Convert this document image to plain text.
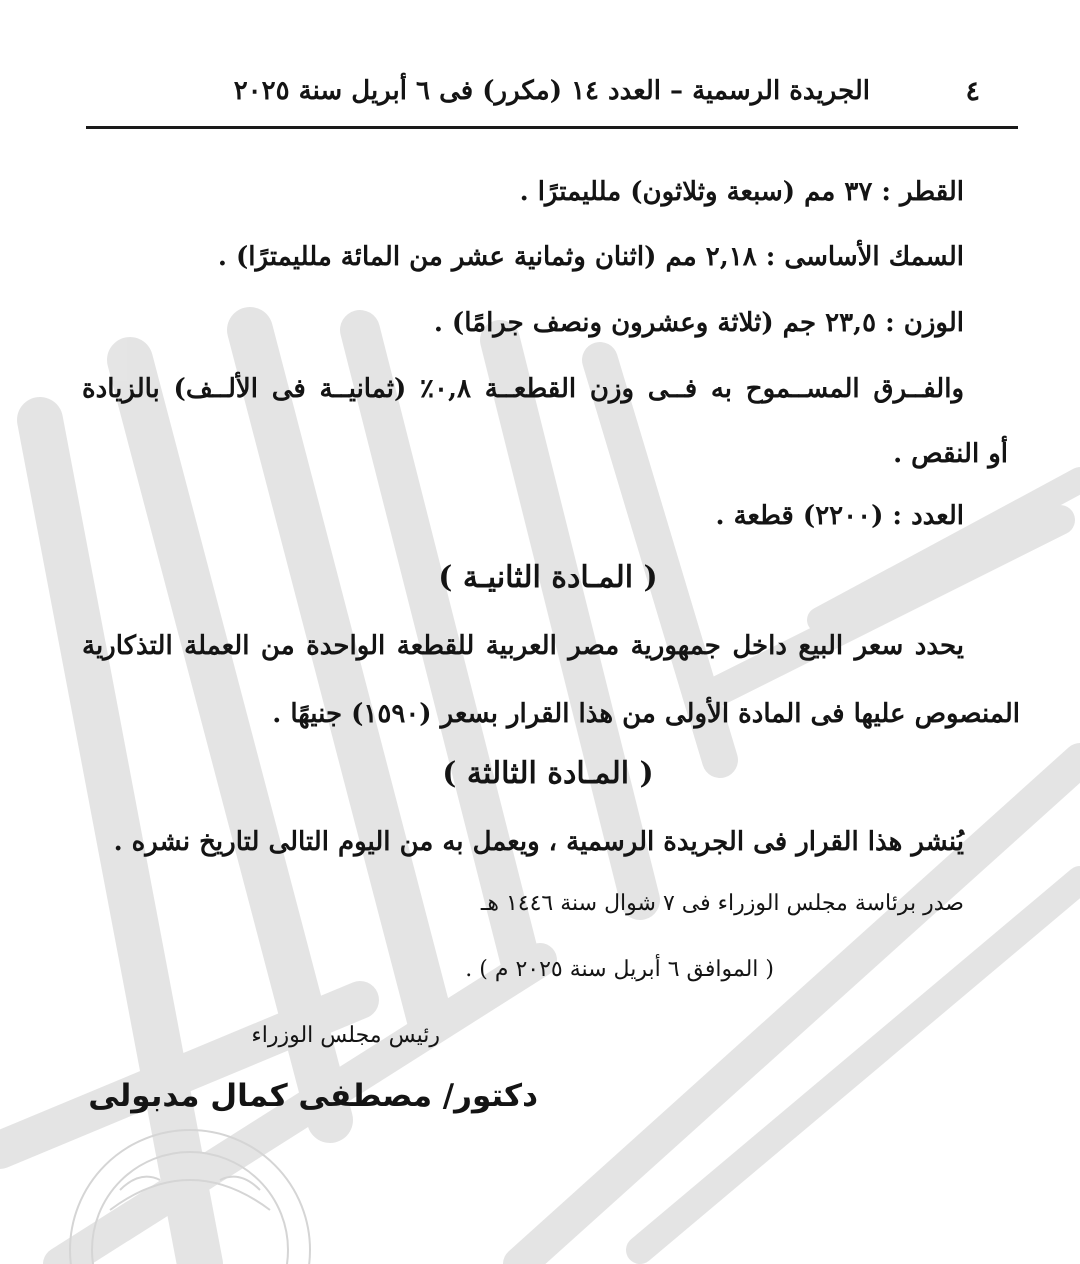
٤
الجريدة الرسمية – العدد ١٤ (مكرر) فى ٦ أبريل سنة ٢٠٢٥
القطر : ٣٧ مم (سبعة وثلاثون) ملليمترًا .
السمك الأساسى : ٢,١٨ مم (اثنان وثمانية عشر من المائة ملليمترًا) .
الوزن : ٢٣,٥ جم (ثلاثة وعشرون ونصف جرامًا) .
والفــرق المســموح به فــى وزن القطعــة ٠,٨٪ (ثمانيــة فى الألــف) بالزيادة
أو النقص .
العدد : (٢٢٠٠) قطعة .
( المـادة الثانيـة )
يحدد سعر البيع داخل جمهورية مصر العربية للقطعة الواحدة من العملة التذكارية
المنصوص عليها فى المادة الأولى من هذا القرار بسعر (١٥٩٠) جنيهًا .
( المـادة الثالثة )
يُنشر هذا القرار فى الجريدة الرسمية ، ويعمل به من اليوم التالى لتاريخ نشره .
صدر برئاسة مجلس الوزراء فى ٧ شوال سنة ١٤٤٦ هـ
( الموافق ٦ أبريل سنة ٢٠٢٥ م ) .
رئيس مجلس الوزراء
دكتور/ مصطفى كمال مدبولى
